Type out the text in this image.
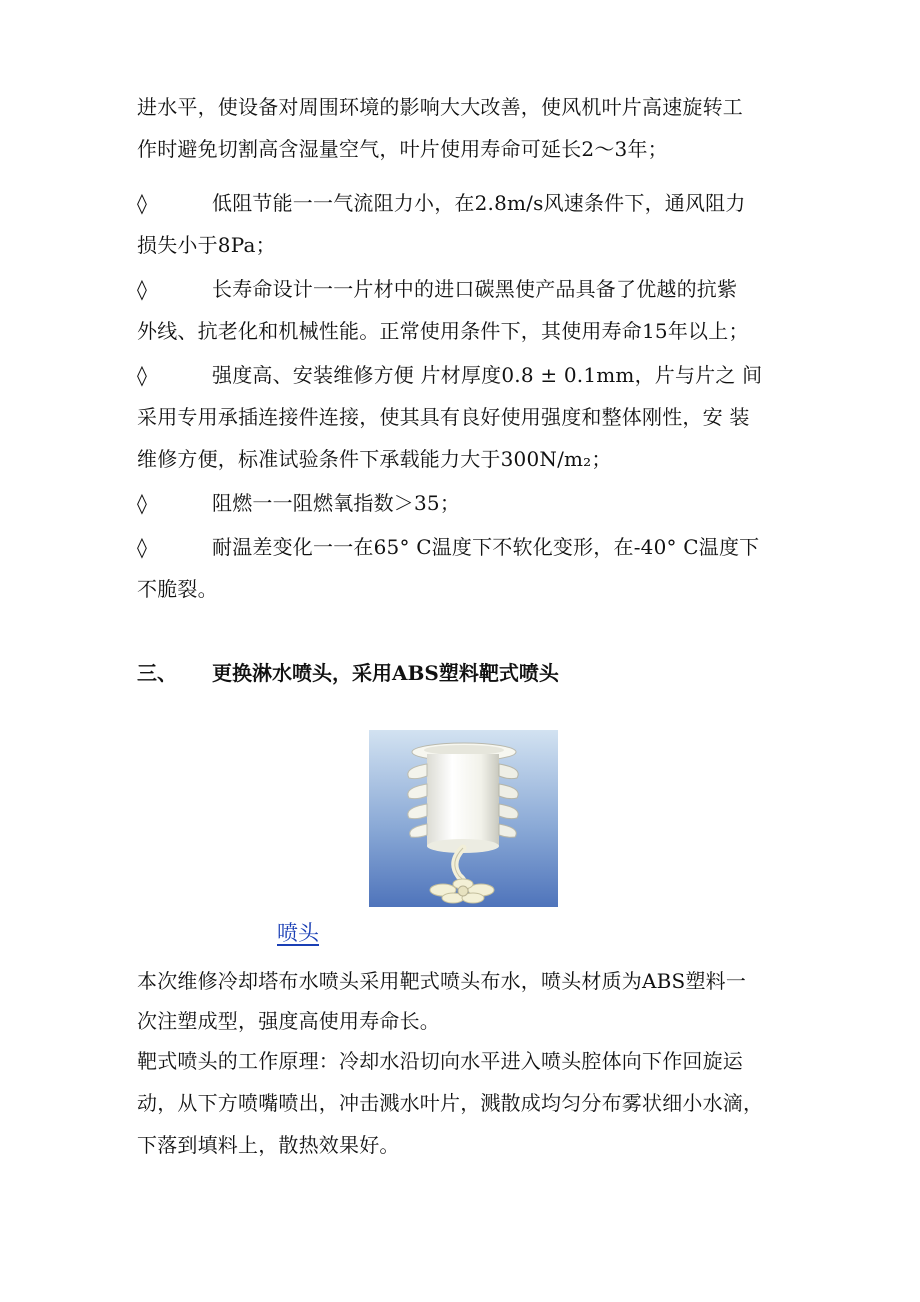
进水平，使设备对周围环境的影响大大改善，使风机叶片高速旋转工
作时避免切割高含湿量空气，叶片使用寿命可延长2～3年；
◊	低阻节能一一气流阻力小，在2.8m/s风速条件下，通风阻力
损失小于8Pa；
◊	长寿命设计一一片材中的进口碳黑使产品具备了优越的抗紫
外线、抗老化和机械性能。正常使用条件下，其使用寿命15年以上；
◊	强度高、安装维修方便 片材厚度0.8 ± 0.1mm，片与片之 间
采用专用承插连接件连接，使其具有良好使用强度和整体刚性，安 装
维修方便，标准试验条件下承载能力大于300N/m₂；
◊	阻燃一一阻燃氧指数＞35；
◊	耐温差变化一一在65° C温度下不软化变形，在-40° C温度下
不脆裂。
三、 更换淋水喷头，采用ABS塑料靶式喷头
喷头
本次维修冷却塔布水喷头采用靶式喷头布水，喷头材质为ABS塑料一
次注塑成型，强度高使用寿命长。
靶式喷头的工作原理：冷却水沿切向水平进入喷头腔体向下作回旋运
动，从下方喷嘴喷出，冲击溅水叶片，溅散成均匀分布雾状细小水滴，
下落到填料上，散热效果好。
